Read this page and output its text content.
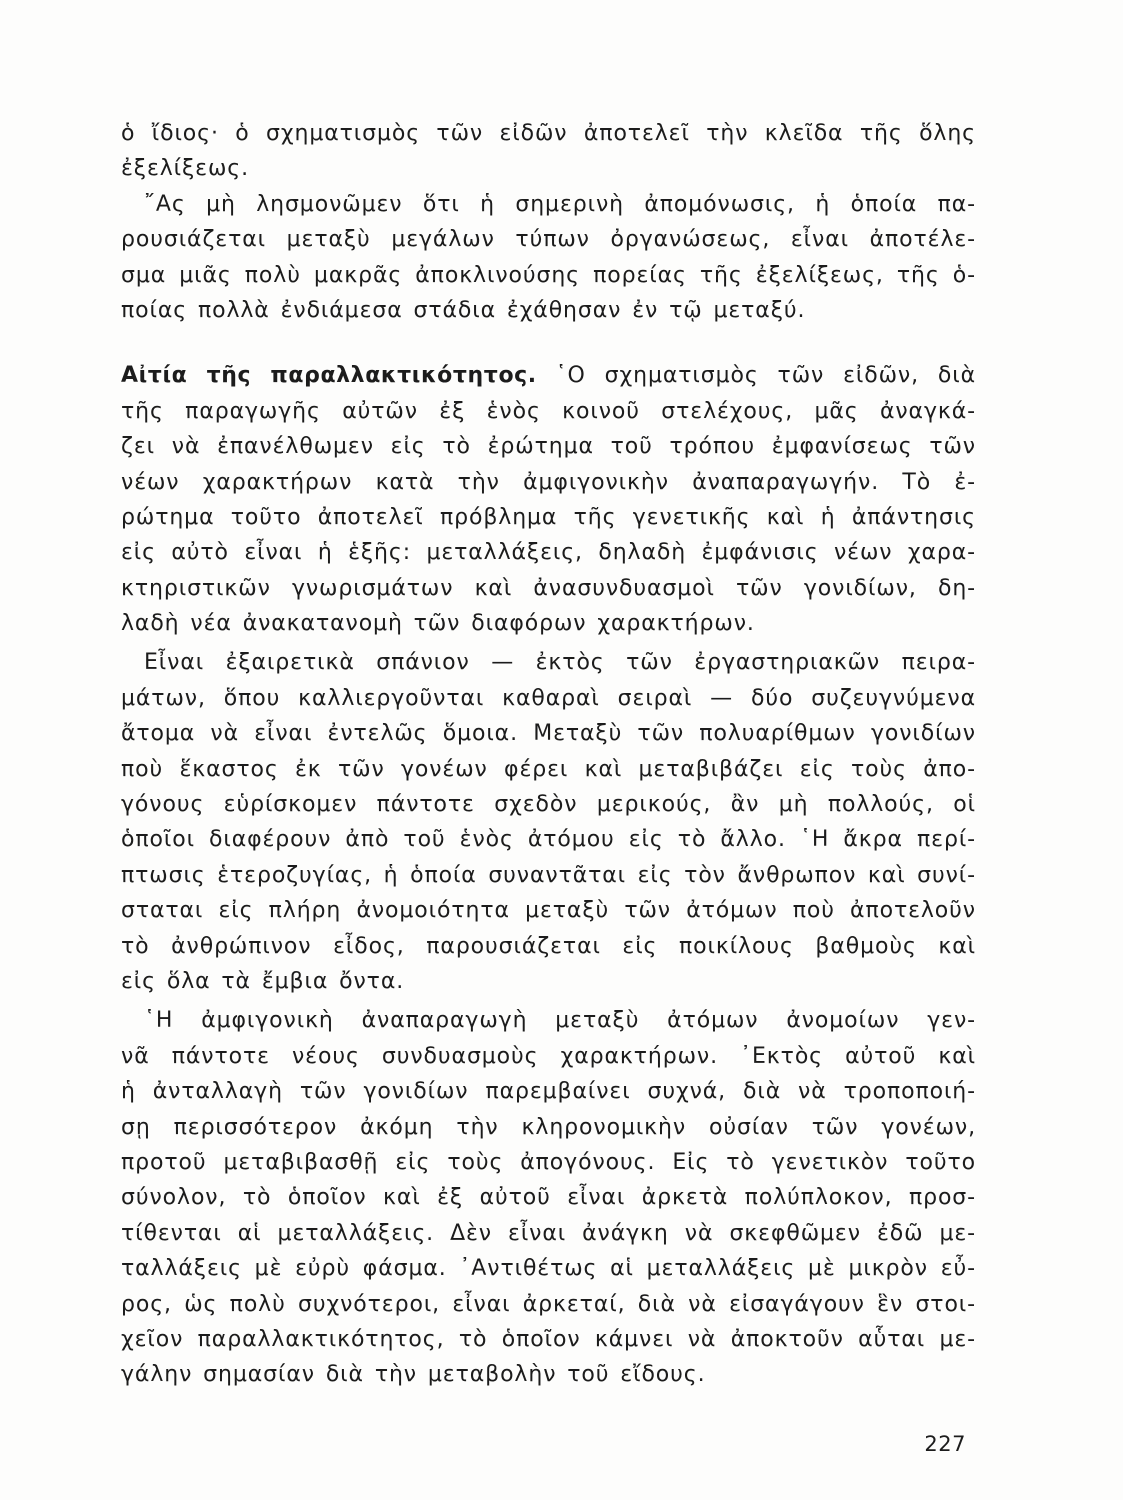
ὁ ἴδιος· ὁ σχηματισμὸς τῶν εἰδῶν ἀποτελεῖ τὴν κλεῖδα τῆς ὅλης
ἐξελίξεως.
῎Ας μὴ λησμονῶμεν ὅτι ἡ σημερινὴ ἀπομόνωσις, ἡ ὁποία πα-
ρουσιάζεται μεταξὺ μεγάλων τύπων ὀργανώσεως, εἶναι ἀποτέλε-
σμα μιᾶς πολὺ μακρᾶς ἀποκλινούσης πορείας τῆς ἐξελίξεως, τῆς ὁ-
ποίας πολλὰ ἐνδιάμεσα στάδια ἐχάθησαν ἐν τῷ μεταξύ.
Αἰτία τῆς παραλλακτικότητος. ῾Ο σχηματισμὸς τῶν εἰδῶν, διὰ
τῆς παραγωγῆς αὐτῶν ἐξ ἑνὸς κοινοῦ στελέχους, μᾶς ἀναγκά-
ζει νὰ ἐπανέλθωμεν εἰς τὸ ἐρώτημα τοῦ τρόπου ἐμφανίσεως τῶν
νέων χαρακτήρων κατὰ τὴν ἀμφιγονικὴν ἀναπαραγωγήν. Τὸ ἐ-
ρώτημα τοῦτο ἀποτελεῖ πρόβλημα τῆς γενετικῆς καὶ ἡ ἀπάντησις
εἰς αὐτὸ εἶναι ἡ ἑξῆς: μεταλλάξεις, δηλαδὴ ἐμφάνισις νέων χαρα-
κτηριστικῶν γνωρισμάτων καὶ ἀνασυνδυασμοὶ τῶν γονιδίων, δη-
λαδὴ νέα ἀνακατανομὴ τῶν διαφόρων χαρακτήρων.
Εἶναι ἐξαιρετικὰ σπάνιον — ἐκτὸς τῶν ἐργαστηριακῶν πειρα-
μάτων, ὅπου καλλιεργοῦνται καθαραὶ σειραὶ — δύο συζευγνύμενα
ἄτομα νὰ εἶναι ἐντελῶς ὅμοια. Μεταξὺ τῶν πολυαρίθμων γονιδίων
ποὺ ἕκαστος ἐκ τῶν γονέων φέρει καὶ μεταβιβάζει εἰς τοὺς ἀπο-
γόνους εὑρίσκομεν πάντοτε σχεδὸν μερικούς, ἂν μὴ πολλούς, οἱ
ὁποῖοι διαφέρουν ἀπὸ τοῦ ἑνὸς ἀτόμου εἰς τὸ ἄλλο. ῾Η ἄκρα περί-
πτωσις ἑτεροζυγίας, ἡ ὁποία συναντᾶται εἰς τὸν ἄνθρωπον καὶ συνί-
σταται εἰς πλήρη ἀνομοιότητα μεταξὺ τῶν ἀτόμων ποὺ ἀποτελοῦν
τὸ ἀνθρώπινον εἶδος, παρουσιάζεται εἰς ποικίλους βαθμοὺς καὶ
εἰς ὅλα τὰ ἔμβια ὄντα.
῾Η ἀμφιγονικὴ ἀναπαραγωγὴ μεταξὺ ἀτόμων ἀνομοίων γεν-
νᾶ πάντοτε νέους συνδυασμοὺς χαρακτήρων. ᾽Εκτὸς αὐτοῦ καὶ
ἡ ἀνταλλαγὴ τῶν γονιδίων παρεμβαίνει συχνά, διὰ νὰ τροποποιή-
σῃ περισσότερον ἀκόμη τὴν κληρονομικὴν οὐσίαν τῶν γονέων,
προτοῦ μεταβιβασθῇ εἰς τοὺς ἀπογόνους. Εἰς τὸ γενετικὸν τοῦτο
σύνολον, τὸ ὁποῖον καὶ ἐξ αὐτοῦ εἶναι ἀρκετὰ πολύπλοκον, προσ-
τίθενται αἱ μεταλλάξεις. Δὲν εἶναι ἀνάγκη νὰ σκεφθῶμεν ἐδῶ με-
ταλλάξεις μὲ εὐρὺ φάσμα. ᾽Αντιθέτως αἱ μεταλλάξεις μὲ μικρὸν εὖ-
ρος, ὡς πολὺ συχνότεροι, εἶναι ἀρκεταί, διὰ νὰ εἰσαγάγουν ἓν στοι-
χεῖον παραλλακτικότητος, τὸ ὁποῖον κάμνει νὰ ἀποκτοῦν αὗται με-
γάλην σημασίαν διὰ τὴν μεταβολὴν τοῦ εἴδους.
227
